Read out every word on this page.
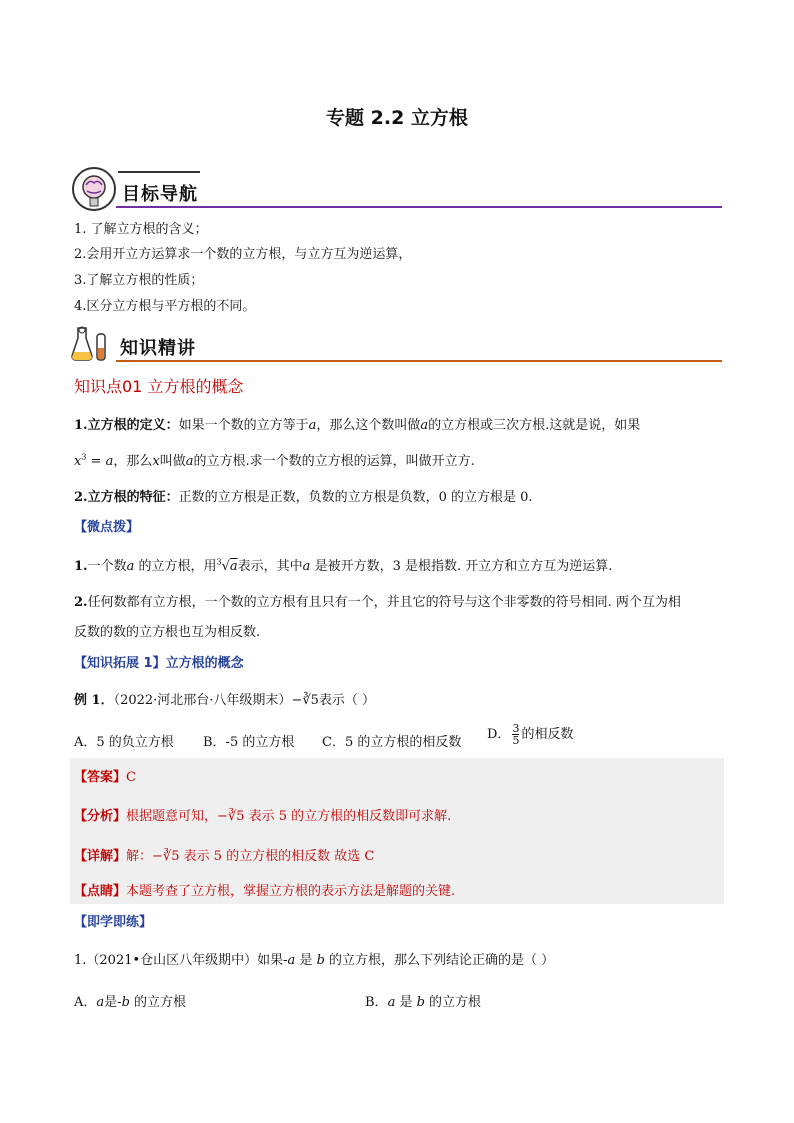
专题 2.2 立方根
目标导航
1. 了解立方根的含义；
2.会用开立方运算求一个数的立方根，与立方互为逆运算，
3.了解立方根的性质；
4.区分立方根与平方根的不同。
知识精讲
知识点01 立方根的概念
1.立方根的定义：如果一个数的立方等于a，那么这个数叫做a的立方根或三次方根.这就是说，如果
$x^3 = a$，那么x叫做a的立方根.求一个数的立方根的运算，叫做开立方.
2.立方根的特征：正数的立方根是正数，负数的立方根是负数，0 的立方根是 0.
【微点拨】
1.一个数a 的立方根，用$^3$√a表示，其中a 是被开方数，3 是根指数. 开立方和立方互为逆运算.
2.任何数都有立方根，一个数的立方根有且只有一个，并且它的符号与这个非零数的符号相同. 两个互为相
反数的数的立方根也互为相反数.
【知识拓展 1】立方根的概念
例 1．（2022·河北邢台·八年级期末）−∛5表示（ ）
A．5 的负立方根 B．-5 的立方根 C．5 的立方根的相反数
D． $\frac{3}{5}$ 的相反数
【答案】C
【分析】根据题意可知，−∛5 表示 5 的立方根的相反数即可求解.
【详解】解：−∛5 表示 5 的立方根的相反数 故选 C
【点睛】本题考查了立方根，掌握立方根的表示方法是解题的关键.
【即学即练】
1.（2021•仓山区八年级期中）如果-a 是 b 的立方根，那么下列结论正确的是（ ）
A．a是-b 的立方根	B．a 是 b 的立方根
